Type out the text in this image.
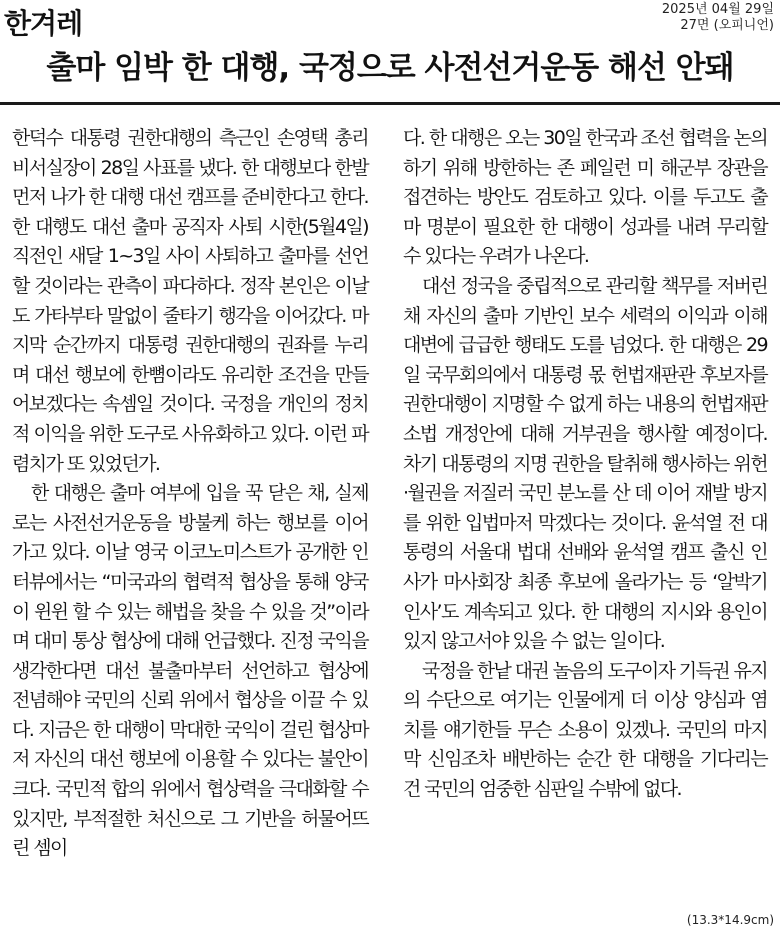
한겨레	2025년 04월 29일
27면 (오피니언)
출마 임박 한 대행, 국정으로 사전선거운동 해선 안돼

한덕수 대통령 권한대행의 측근인 손영택 총리 비서실장이 28일 사표를 냈다. 한 대행보다 한발 먼저 나가 한 대행 대선 캠프를 준비한다고 한다. 한 대행도 대선 출마 공직자 사퇴 시한(5월4일) 직전인 새달 1~3일 사이 사퇴하고 출마를 선언할 것이라는 관측이 파다하다. 정작 본인은 이날도 가타부타 말없이 줄타기 행각을 이어갔다. 마지막 순간까지 대통령 권한대행의 권좌를 누리며 대선 행보에 한뼘이라도 유리한 조건을 만들어보겠다는 속셈일 것이다. 국정을 개인의 정치적 이익을 위한 도구로 사유화하고 있다. 이런 파렴치가 또 있었던가.

한 대행은 출마 여부에 입을 꾹 닫은 채, 실제로는 사전선거운동을 방불케 하는 행보를 이어가고 있다. 이날 영국 이코노미스트가 공개한 인터뷰에서는 “미국과의 협력적 협상을 통해 양국이 윈윈 할 수 있는 해법을 찾을 수 있을 것”이라며 대미 통상 협상에 대해 언급했다. 진정 국익을 생각한다면 대선 불출마부터 선언하고 협상에 전념해야 국민의 신뢰 위에서 협상을 이끌 수 있다. 지금은 한 대행이 막대한 국익이 걸린 협상마저 자신의 대선 행보에 이용할 수 있다는 불안이 크다. 국민적 합의 위에서 협상력을 극대화할 수 있지만, 부적절한 처신으로 그 기반을 허물어뜨린 셈이

다. 한 대행은 오는 30일 한국과 조선 협력을 논의하기 위해 방한하는 존 페일런 미 해군부 장관을 접견하는 방안도 검토하고 있다. 이를 두고도 출마 명분이 필요한 한 대행이 성과를 내려 무리할 수 있다는 우려가 나온다.

대선 정국을 중립적으로 관리할 책무를 저버린 채 자신의 출마 기반인 보수 세력의 이익과 이해 대변에 급급한 행태도 도를 넘었다. 한 대행은 29일 국무회의에서 대통령 몫 헌법재판관 후보자를 권한대행이 지명할 수 없게 하는 내용의 헌법재판소법 개정안에 대해 거부권을 행사할 예정이다. 차기 대통령의 지명 권한을 탈취해 행사하는 위헌·월권을 저질러 국민 분노를 산 데 이어 재발 방지를 위한 입법마저 막겠다는 것이다. 윤석열 전 대통령의 서울대 법대 선배와 윤석열 캠프 출신 인사가 마사회장 최종 후보에 올라가는 등 ‘알박기 인사’도 계속되고 있다. 한 대행의 지시와 용인이 있지 않고서야 있을 수 없는 일이다.

국정을 한낱 대권 놀음의 도구이자 기득권 유지의 수단으로 여기는 인물에게 더 이상 양심과 염치를 얘기한들 무슨 소용이 있겠나. 국민의 마지막 신임조차 배반하는 순간 한 대행을 기다리는 건 국민의 엄중한 심판일 수밖에 없다.

(13.3*14.9cm)
